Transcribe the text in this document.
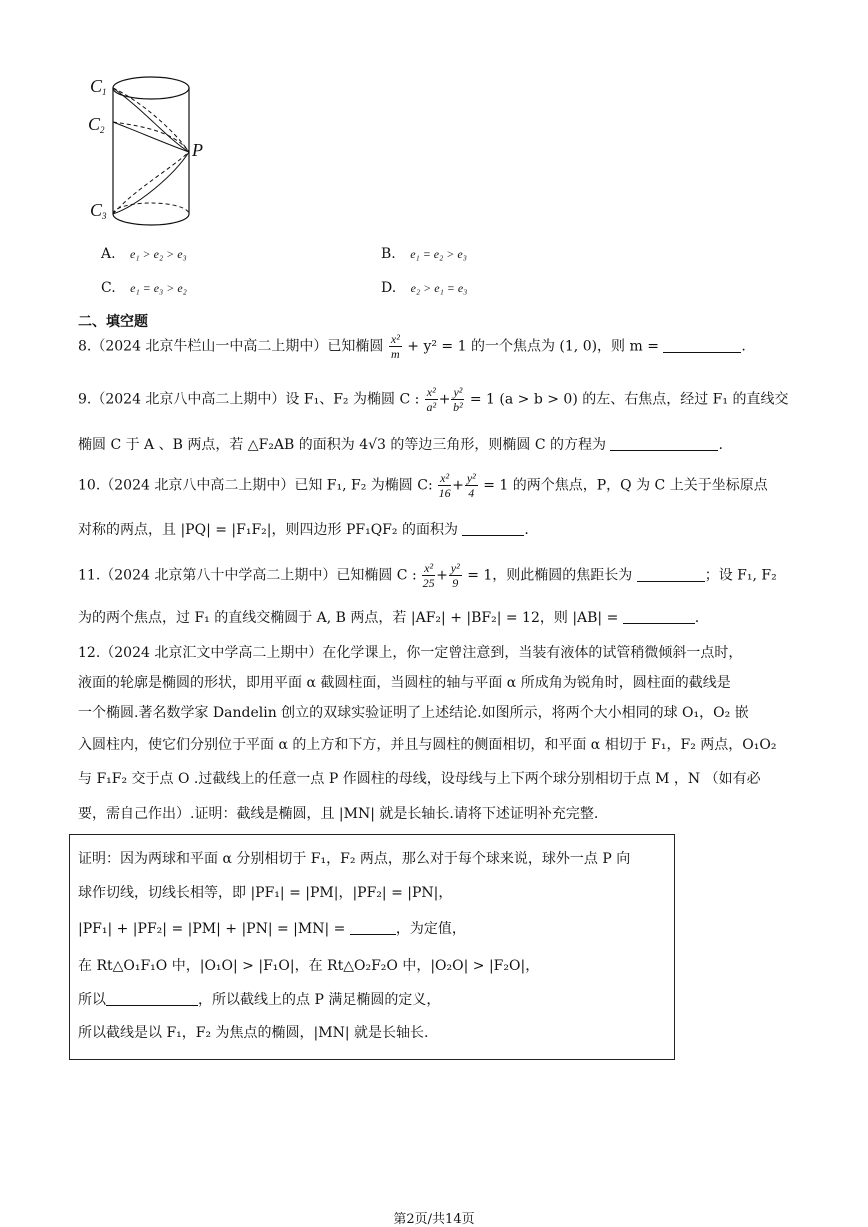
$C_1$
$C_2$
$C_3$
P
A. e₁ > e₂ > e₃	B. e₁ = e₂ > e₃
C. e₁ = e₃ > e₂	D. e₂ > e₁ = e₃
二、填空题
8.（2024 北京牛栏山一中高二上期中）已知椭圆 $\frac{\text{x²}}{m} + y^2 = 1$ 的一个焦点为 (1, 0)，则 m =	.
9.（2024 北京八中高二上期中）设 F₁、F₂ 为椭圆 C : $\frac{\text{x²}}{\text{a²}} + \frac{\text{y²}}{\text{b²}} = 1$ (a > b > 0) 的左、右焦点，经过 F₁ 的直线交
椭圆 C 于 A 、B 两点，若 △F₂AB 的面积为 4√3 的等边三角形，则椭圆 C 的方程为	.
10.（2024 北京八中高二上期中）已知 F₁, F₂ 为椭圆 C: $\frac{\text{x²}}{16} + \frac{\text{y²}}{4} = 1$ 的两个焦点，P，Q 为 C 上关于坐标原点
对称的两点，且 |PQ| = |F₁F₂|，则四边形 PF₁QF₂ 的面积为	.
11.（2024 北京第八十中学高二上期中）已知椭圆 C : $\frac{\text{x²}}{25} + \frac{\text{y²}}{9} = 1$，则此椭圆的焦距长为	；设 F₁, F₂
为的两个焦点，过 F₁ 的直线交椭圆于 A, B 两点，若 |AF₂| + |BF₂| = 12，则 |AB| =	.
12.（2024 北京汇文中学高二上期中）在化学课上，你一定曾注意到，当装有液体的试管稍微倾斜一点时，
液面的轮廓是椭圆的形状，即用平面 α 截圆柱面，当圆柱的轴与平面 α 所成角为锐角时，圆柱面的截线是
一个椭圆.著名数学家 Dandelin 创立的双球实验证明了上述结论.如图所示，将两个大小相同的球 O₁，O₂ 嵌
入圆柱内，使它们分别位于平面 α 的上方和下方，并且与圆柱的侧面相切，和平面 α 相切于 F₁，F₂ 两点，O₁O₂
与 F₁F₂ 交于点 O .过截线上的任意一点 P 作圆柱的母线，设母线与上下两个球分别相切于点 M ，N （如有必
要，需自己作出）.证明：截线是椭圆，且 |MN| 就是长轴长.请将下述证明补充完整.
证明：因为两球和平面 α 分别相切于 F₁，F₂ 两点，那么对于每个球来说，球外一点 P 向
球作切线，切线长相等，即 |PF₁| = |PM|，|PF₂| = |PN|，
|PF₁| + |PF₂| = |PM| + |PN| = |MN| =	，为定值，
在 Rt△O₁F₁O 中，|O₁O| > |F₁O|，在 Rt△O₂F₂O 中，|O₂O| > |F₂O|，
所以	，所以截线上的点 P 满足椭圆的定义，
所以截线是以 F₁，F₂ 为焦点的椭圆，|MN| 就是长轴长.
第2页/共14页
